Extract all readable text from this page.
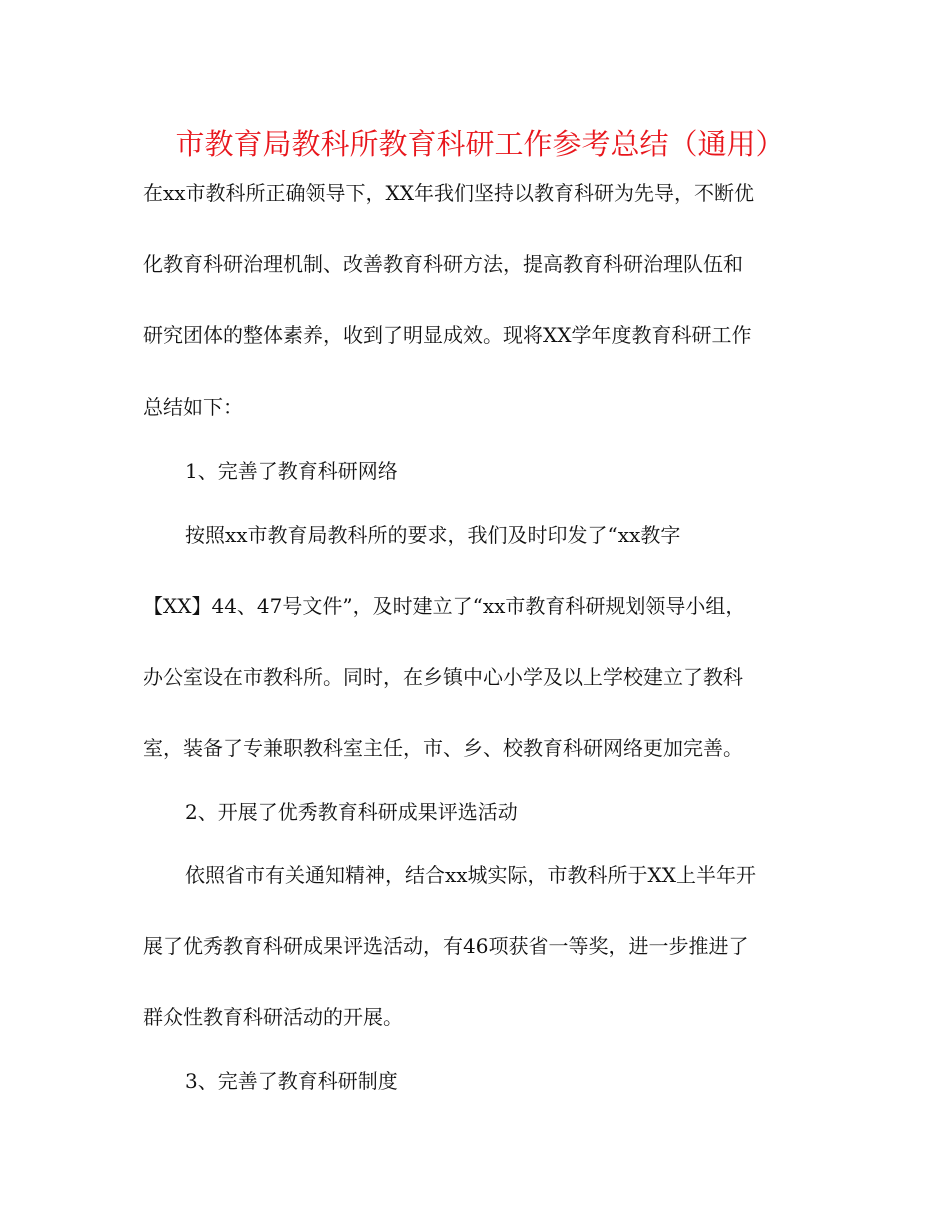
市教育局教科所教育科研工作参考总结（通用）

在xx市教科所正确领导下，XX年我们坚持以教育科研为先导，不断优

化教育科研治理机制、改善教育科研方法，提高教育科研治理队伍和

研究团体的整体素养，收到了明显成效。现将XX学年度教育科研工作

总结如下：

1、完善了教育科研网络

按照xx市教育局教科所的要求，我们及时印发了“xx教字

【XX】44、47号文件”，及时建立了“xx市教育科研规划领导小组，

办公室设在市教科所。同时，在乡镇中心小学及以上学校建立了教科

室，装备了专兼职教科室主任，市、乡、校教育科研网络更加完善。

2、开展了优秀教育科研成果评选活动

依照省市有关通知精神，结合xx城实际，市教科所于XX上半年开

展了优秀教育科研成果评选活动，有46项获省一等奖，进一步推进了

群众性教育科研活动的开展。

3、完善了教育科研制度
